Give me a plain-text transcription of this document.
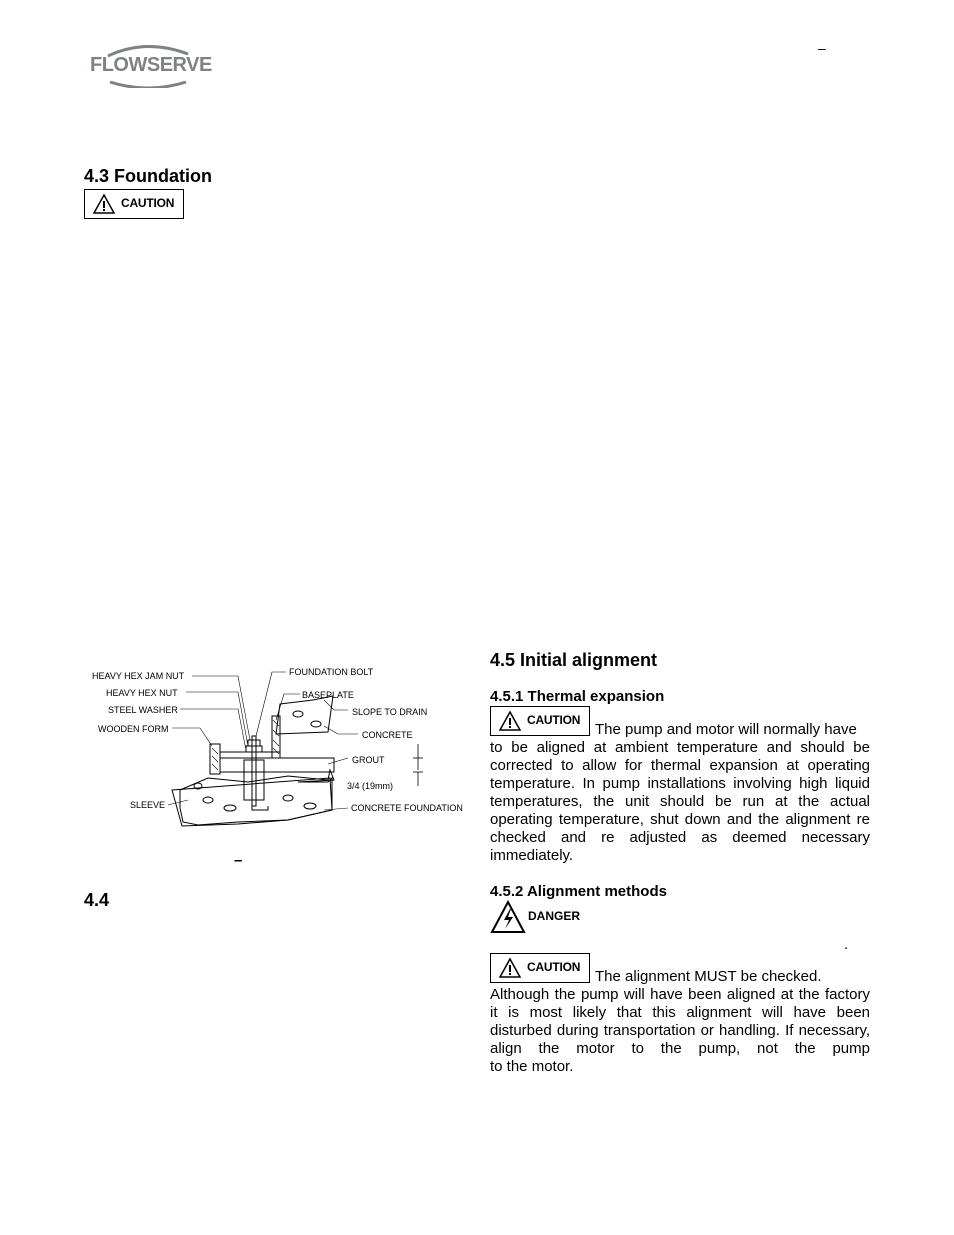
FLOWSERVE
–
4.3 Foundation
CAUTION
HEAVY HEX JAM NUT
HEAVY HEX NUT
STEEL WASHER
WOODEN FORM
SLEEVE
FOUNDATION BOLT
BASEPLATE
SLOPE TO DRAIN
CONCRETE
GROUT
3/4 (19mm)
CONCRETE FOUNDATION
–
4.4
4.5 Initial alignment
4.5.1 Thermal expansion
CAUTION
The pump and motor will normally have
to be aligned at ambient temperature and should be corrected to allow for thermal expansion at operating temperature. In pump installations involving high liquid temperatures, the unit should be run at the actual operating temperature, shut down and the alignment re checked and re adjusted as deemed necessary
immediately.
4.5.2 Alignment methods
DANGER
.
CAUTION
The alignment MUST be checked.
Although the pump will have been aligned at the factory it is most likely that this alignment will have been disturbed during transportation or handling. If necessary, align the motor to the pump, not the pump
to the motor.
